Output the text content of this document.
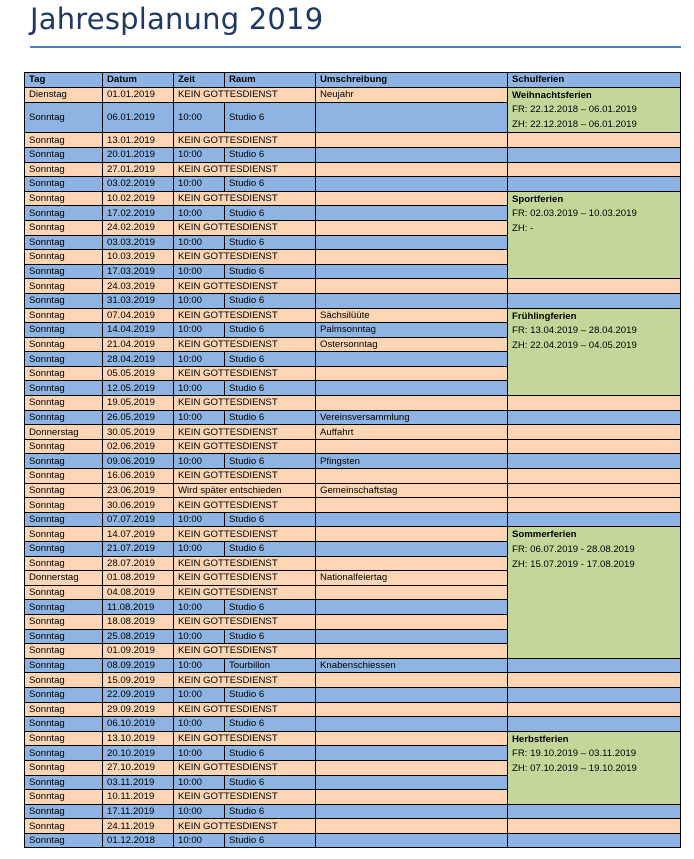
Jahresplanung 2019
Tag	Datum	Zeit	Raum	Umschreibung	Schulferien
Dienstag	01.01.2019	KEIN GOTTESDIENST		Neujahr	Weihnachtsferien
FR: 22.12.2018 – 06.01.2019
ZH: 22.12.2018 – 06.01.2019

Sonntag	06.01.2019	10:00	Studio 6		
Sonntag	13.01.2019	KEIN GOTTESDIENST			
Sonntag	20.01.2019	10:00	Studio 6		
Sonntag	27.01.2019	KEIN GOTTESDIENST			
Sonntag	03.02.2019	10:00	Studio 6		
Sonntag	10.02.2019	KEIN GOTTESDIENST			Sportferien
FR: 02.03.2019 – 10.03.2019
ZH: -

Sonntag	17.02.2019	10:00	Studio 6		
Sonntag	24.02.2019	KEIN GOTTESDIENST			
Sonntag	03.03.2019	10:00	Studio 6		
Sonntag	10.03.2019	KEIN GOTTESDIENST			
Sonntag	17.03.2019	10:00	Studio 6		
Sonntag	24.03.2019	KEIN GOTTESDIENST			
Sonntag	31.03.2019	10:00	Studio 6		
Sonntag	07.04.2019	KEIN GOTTESDIENST		Sächsilüüte	Frühlingferien
FR: 13.04.2019 – 28.04.2019
ZH: 22.04.2019 – 04.05.2019

Sonntag	14.04.2019	10:00	Studio 6	Palmsonntag	
Sonntag	21.04.2019	KEIN GOTTESDIENST		Ostersonntag	
Sonntag	28.04.2019	10:00	Studio 6		
Sonntag	05.05.2019	KEIN GOTTESDIENST			
Sonntag	12.05.2019	10:00	Studio 6		
Sonntag	19.05.2019	KEIN GOTTESDIENST			
Sonntag	26.05.2019	10:00	Studio 6	Vereinsversammlung	
Donnerstag	30.05.2019	KEIN GOTTESDIENST		Auffahrt	
Sonntag	02.06.2019	KEIN GOTTESDIENST			
Sonntag	09.06.2019	10:00	Studio 6	Pfingsten	
Sonntag	16.06.2019	KEIN GOTTESDIENST			
Sonntag	23.06.2019	Wird später entschieden		Gemeinschaftstag	
Sonntag	30.06.2019	KEIN GOTTESDIENST			
Sonntag	07.07.2019	10:00	Studio 6		
Sonntag	14.07.2019	KEIN GOTTESDIENST			Sommerferien
FR: 06.07.2019 - 28.08.2019
ZH: 15.07.2019 - 17.08.2019

Sonntag	21.07.2019	10:00	Studio 6		
Sonntag	28.07.2019	KEIN GOTTESDIENST			
Donnerstag	01.08.2019	KEIN GOTTESDIENST		Nationalfeiertag	
Sonntag	04.08.2019	KEIN GOTTESDIENST			
Sonntag	11.08.2019	10:00	Studio 6		
Sonntag	18.08.2019	KEIN GOTTESDIENST			
Sonntag	25.08.2019	10:00	Studio 6		
Sonntag	01.09.2019	KEIN GOTTESDIENST			
Sonntag	08.09.2019	10:00	Tourbillon	Knabenschiessen	
Sonntag	15.09.2019	KEIN GOTTESDIENST			
Sonntag	22.09.2019	10:00	Studio 6		
Sonntag	29.09.2019	KEIN GOTTESDIENST			
Sonntag	06.10.2019	10:00	Studio 6		
Sonntag	13.10.2019	KEIN GOTTESDIENST			Herbstferien
FR: 19.10.2019 – 03.11.2019
ZH: 07.10.2019 – 19.10.2019

Sonntag	20.10.2019	10:00	Studio 6		
Sonntag	27.10.2019	KEIN GOTTESDIENST			
Sonntag	03.11.2019	10:00	Studio 6		
Sonntag	10.11.2019	KEIN GOTTESDIENST			
Sonntag	17.11.2019	10:00	Studio 6		
Sonntag	24.11.2019	KEIN GOTTESDIENST			
Sonntag	01.12.2018	10:00	Studio 6		
